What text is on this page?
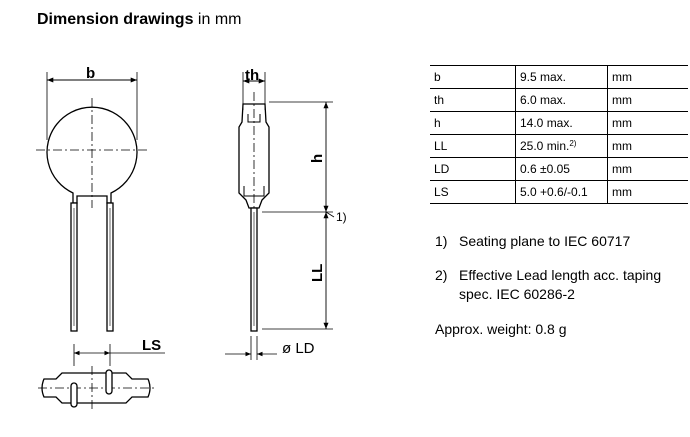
Dimension drawings in mm
b
LS
th
h
LL
1)
ø LD
b	9.5 max.	mm
th	6.0 max.	mm
h	14.0 max.	mm
LL	25.0 min.$^{2)}$	mm
LD	0.6 ±0.05	mm
LS	5.0 +0.6/-0.1	mm
1) Seating plane to IEC 60717
2) Effective Lead length acc. taping
spec. IEC 60286-2
Approx. weight: 0.8 g
